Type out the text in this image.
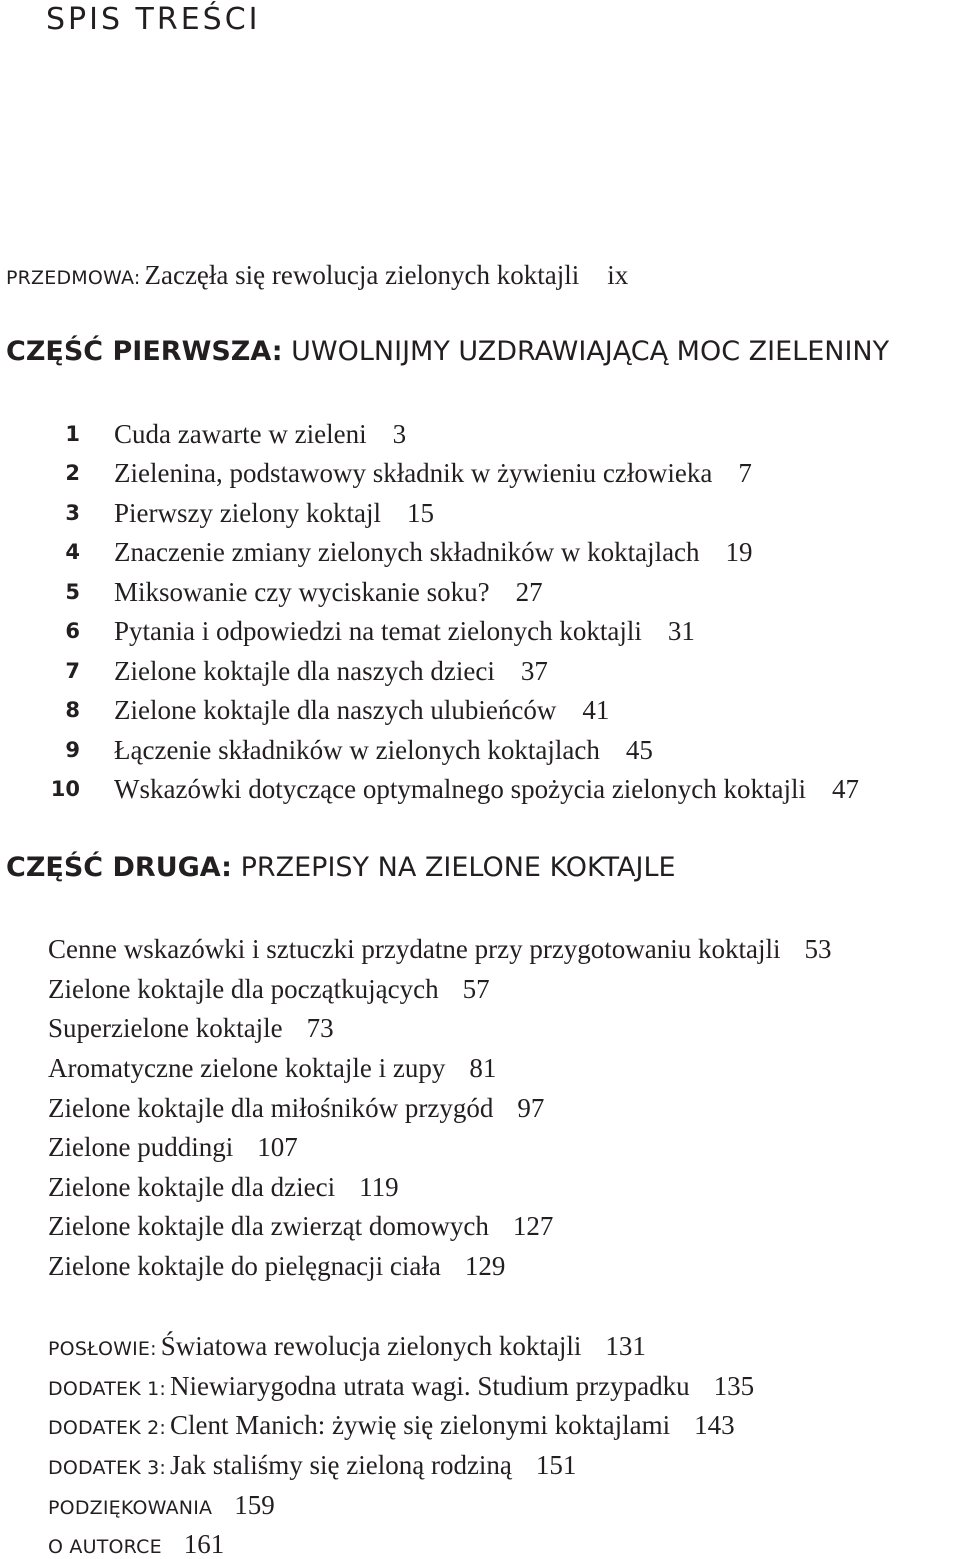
SPIS TREŚCI
PRZEDMOWA: Zaczęła się rewolucja zielonych koktajli ix
CZĘŚĆ PIERWSZA: UWOLNIJMY UZDRAWIAJĄCĄ MOC ZIELENINY
1 Cuda zawarte w zieleni 3
2 Zielenina, podstawowy składnik w żywieniu człowieka 7
3 Pierwszy zielony koktajl 15
4 Znaczenie zmiany zielonych składników w koktajlach 19
5 Miksowanie czy wyciskanie soku? 27
6 Pytania i odpowiedzi na temat zielonych koktajli 31
7 Zielone koktajle dla naszych dzieci 37
8 Zielone koktajle dla naszych ulubieńców 41
9 Łączenie składników w zielonych koktajlach 45
10 Wskazówki dotyczące optymalnego spożycia zielonych koktajli 47
CZĘŚĆ DRUGA: PRZEPISY NA ZIELONE KOKTAJLE
Cenne wskazówki i sztuczki przydatne przy przygotowaniu koktajli 53
Zielone koktajle dla początkujących 57
Superzielone koktajle 73
Aromatyczne zielone koktajle i zupy 81
Zielone koktajle dla miłośników przygód 97
Zielone puddingi 107
Zielone koktajle dla dzieci 119
Zielone koktajle dla zwierząt domowych 127
Zielone koktajle do pielęgnacji ciała 129
POSŁOWIE: Światowa rewolucja zielonych koktajli 131
DODATEK 1: Niewiarygodna utrata wagi. Studium przypadku 135
DODATEK 2: Clent Manich: żywię się zielonymi koktajlami 143
DODATEK 3: Jak staliśmy się zieloną rodziną 151
PODZIĘKOWANIA 159
O AUTORCE 161
